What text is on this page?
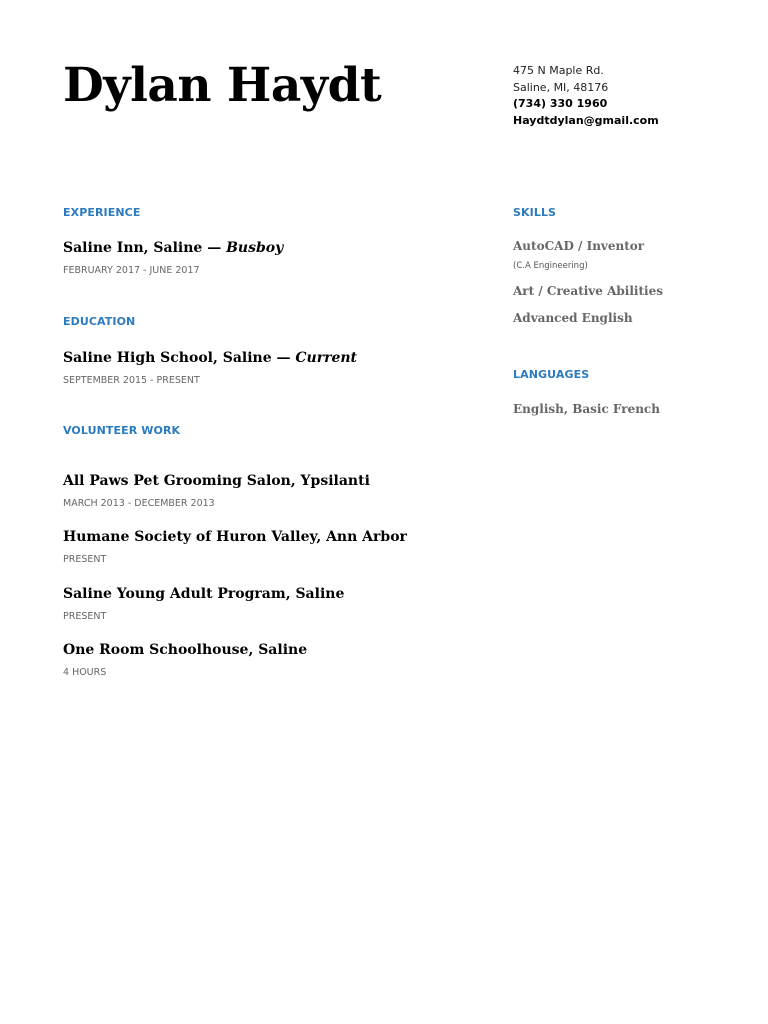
Dylan Haydt	475 N Maple Rd.
Saline, MI, 48176
(734) 330 1960
Haydtdylan@gmail.com
EXPERIENCE
Saline Inn, Saline — Busboy
FEBRUARY 2017 - JUNE 2017
EDUCATION
Saline High School, Saline — Current
SEPTEMBER 2015 - PRESENT
VOLUNTEER WORK
All Paws Pet Grooming Salon, Ypsilanti
MARCH 2013 - DECEMBER 2013
Humane Society of Huron Valley, Ann Arbor
PRESENT
Saline Young Adult Program, Saline
PRESENT
One Room Schoolhouse, Saline
4 HOURS
SKILLS
AutoCAD / Inventor
(C.A Engineering)
Art / Creative Abilities
Advanced English
LANGUAGES
English, Basic French
